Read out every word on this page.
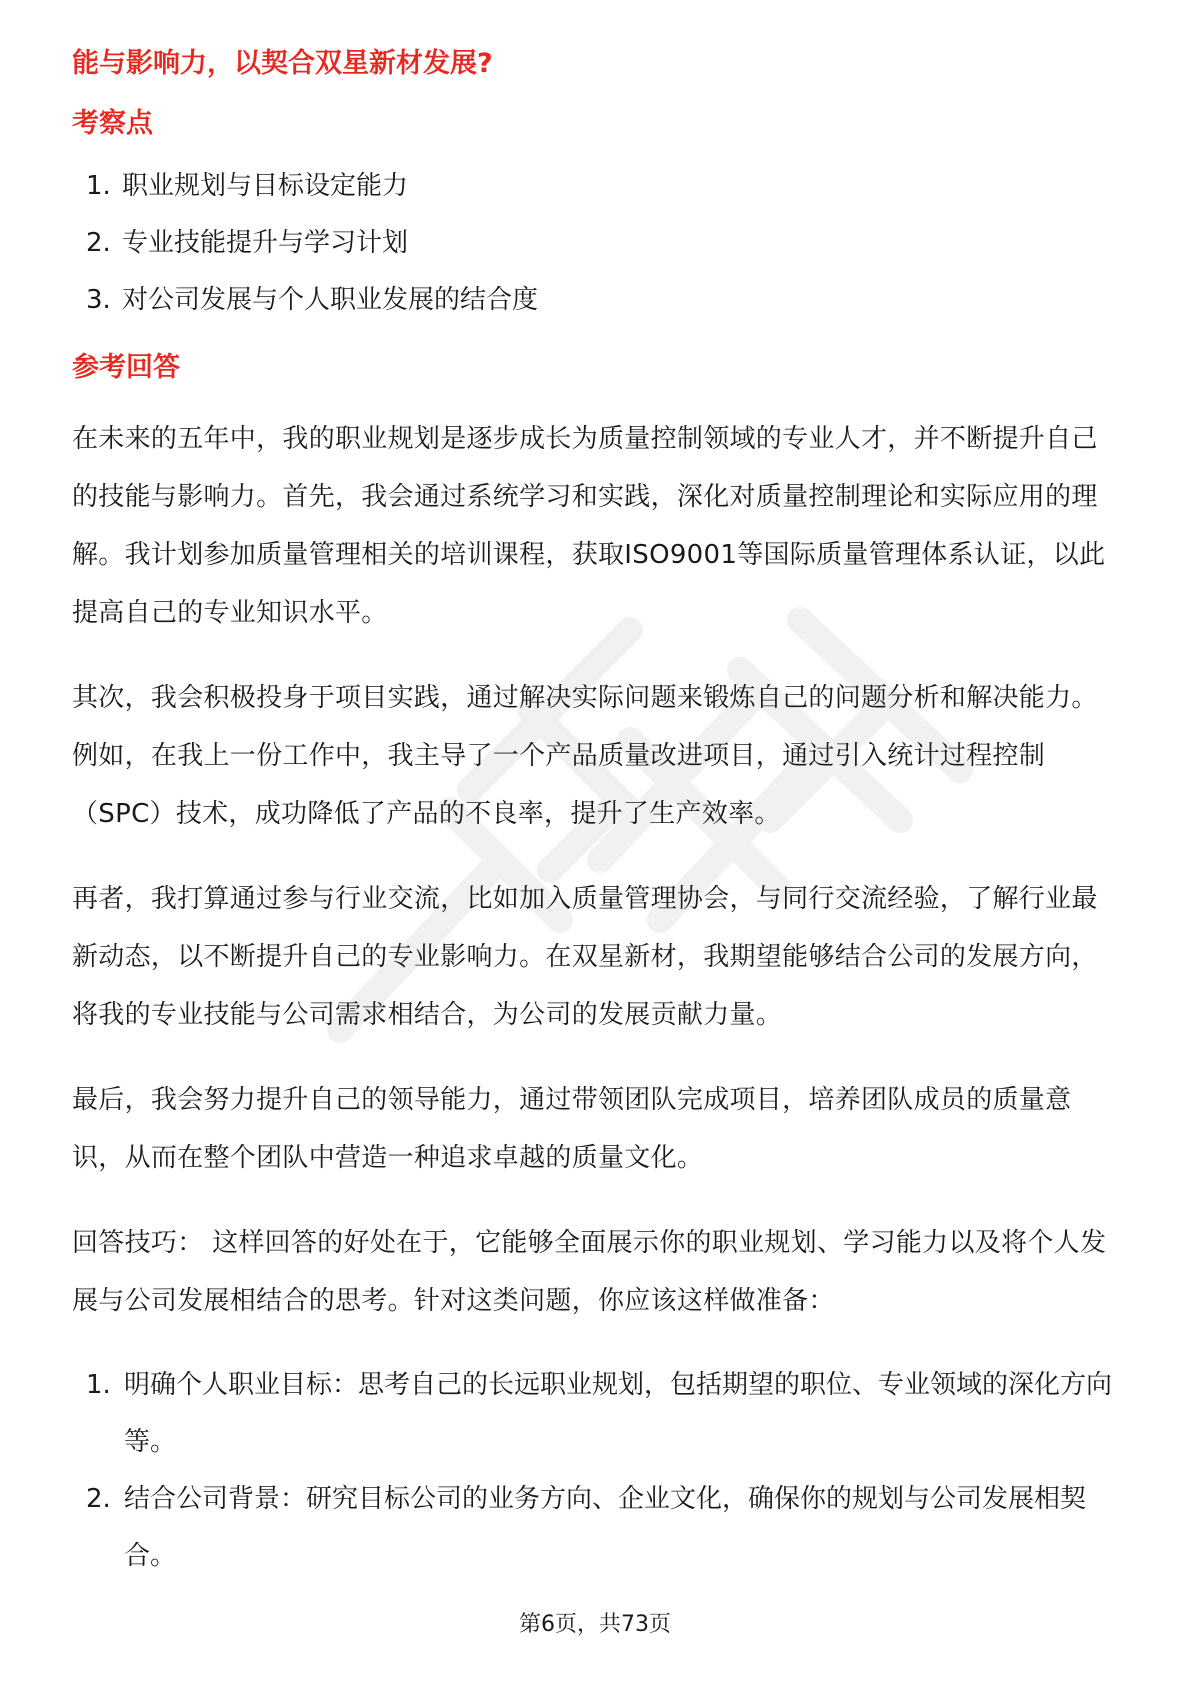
能与影响力，以契合双星新材发展?

考察点

1. 职业规划与目标设定能力
2. 专业技能提升与学习计划
3. 对公司发展与个人职业发展的结合度

参考回答

在未来的五年中，我的职业规划是逐步成长为质量控制领域的专业人才，并不断提升自己的技能与影响力。首先，我会通过系统学习和实践，深化对质量控制理论和实际应用的理解。我计划参加质量管理相关的培训课程，获取ISO9001等国际质量管理体系认证，以此提高自己的专业知识水平。

其次，我会积极投身于项目实践，通过解决实际问题来锻炼自己的问题分析和解决能力。例如，在我上一份工作中，我主导了一个产品质量改进项目，通过引入统计过程控制（SPC）技术，成功降低了产品的不良率，提升了生产效率。

再者，我打算通过参与行业交流，比如加入质量管理协会，与同行交流经验，了解行业最新动态，以不断提升自己的专业影响力。在双星新材，我期望能够结合公司的发展方向，将我的专业技能与公司需求相结合，为公司的发展贡献力量。

最后，我会努力提升自己的领导能力，通过带领团队完成项目，培养团队成员的质量意识，从而在整个团队中营造一种追求卓越的质量文化。

回答技巧： 这样回答的好处在于，它能够全面展示你的职业规划、学习能力以及将个人发展与公司发展相结合的思考。针对这类问题，你应该这样做准备：

1. 明确个人职业目标：思考自己的长远职业规划，包括期望的职位、专业领域的深化方向等。
2. 结合公司背景：研究目标公司的业务方向、企业文化，确保你的规划与公司发展相契合。
第6页，共73页
